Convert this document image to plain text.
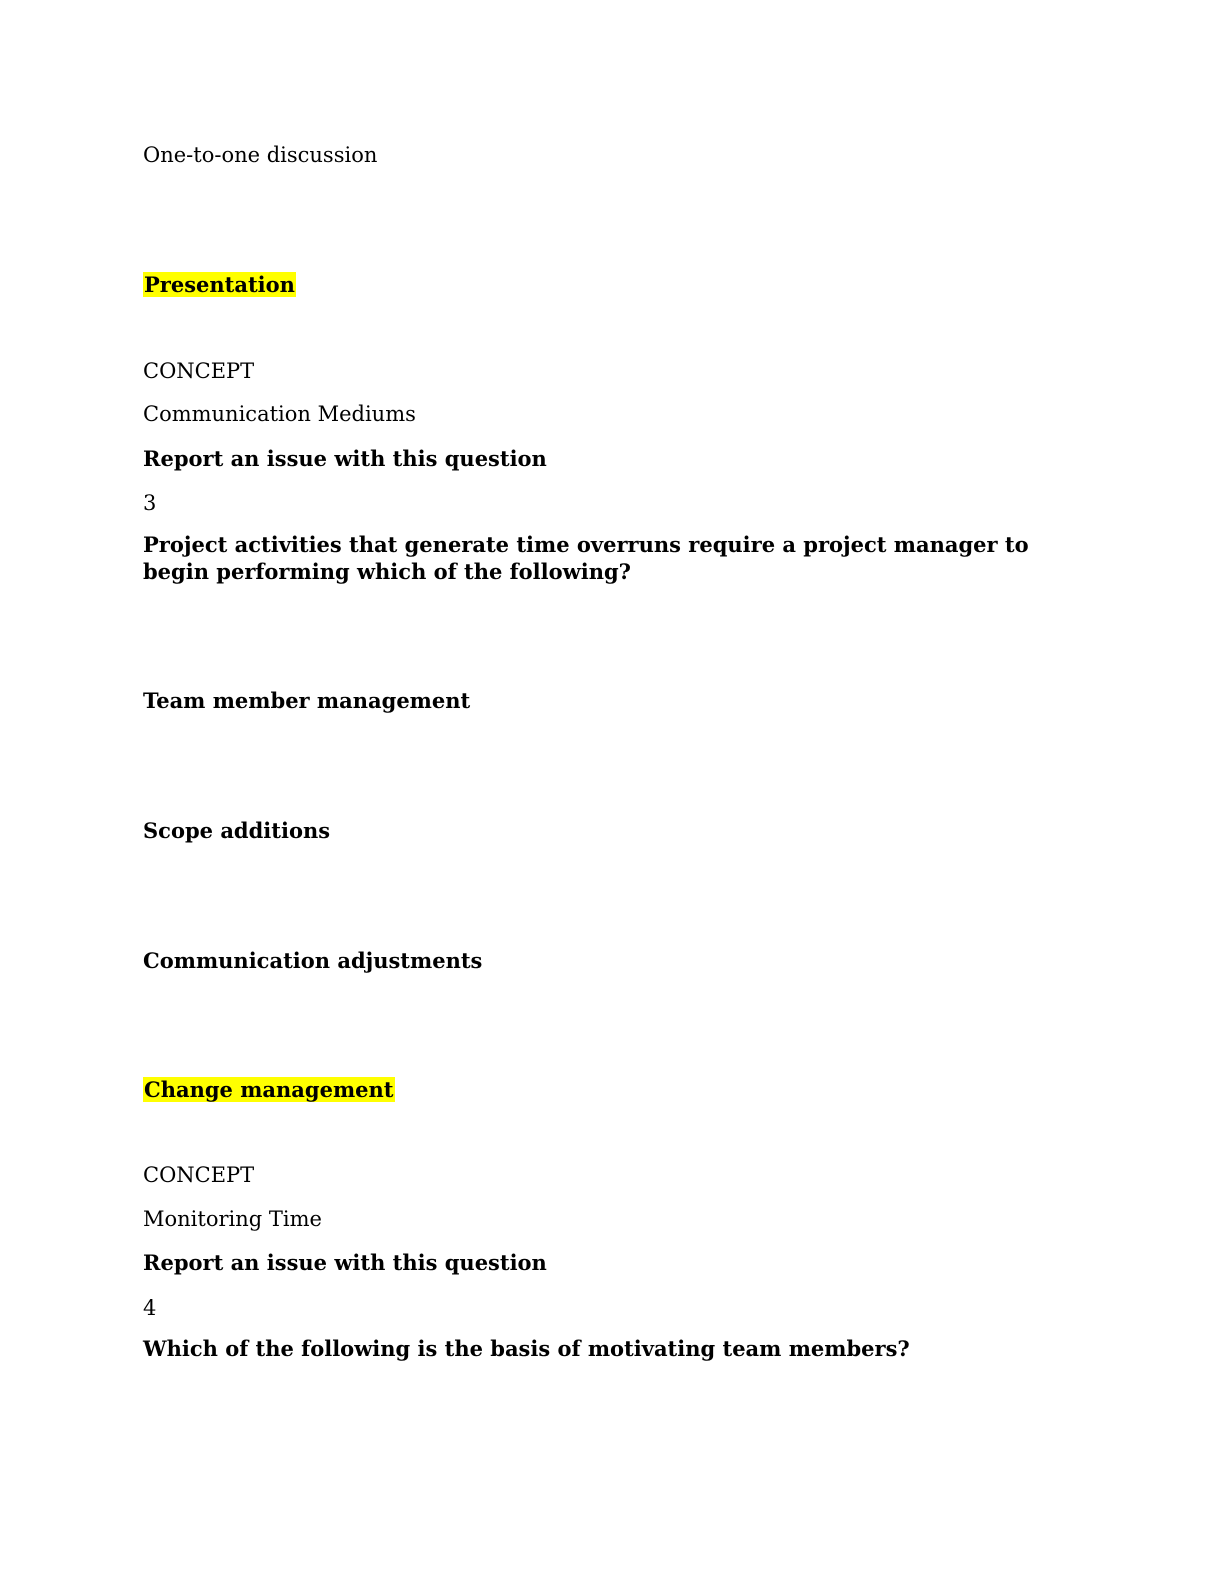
One-to-one discussion

Presentation

CONCEPT

Communication Mediums

Report an issue with this question

3

Project activities that generate time overruns require a project manager to begin performing which of the following?

Team member management

Scope additions

Communication adjustments

Change management

CONCEPT

Monitoring Time

Report an issue with this question

4

Which of the following is the basis of motivating team members?
